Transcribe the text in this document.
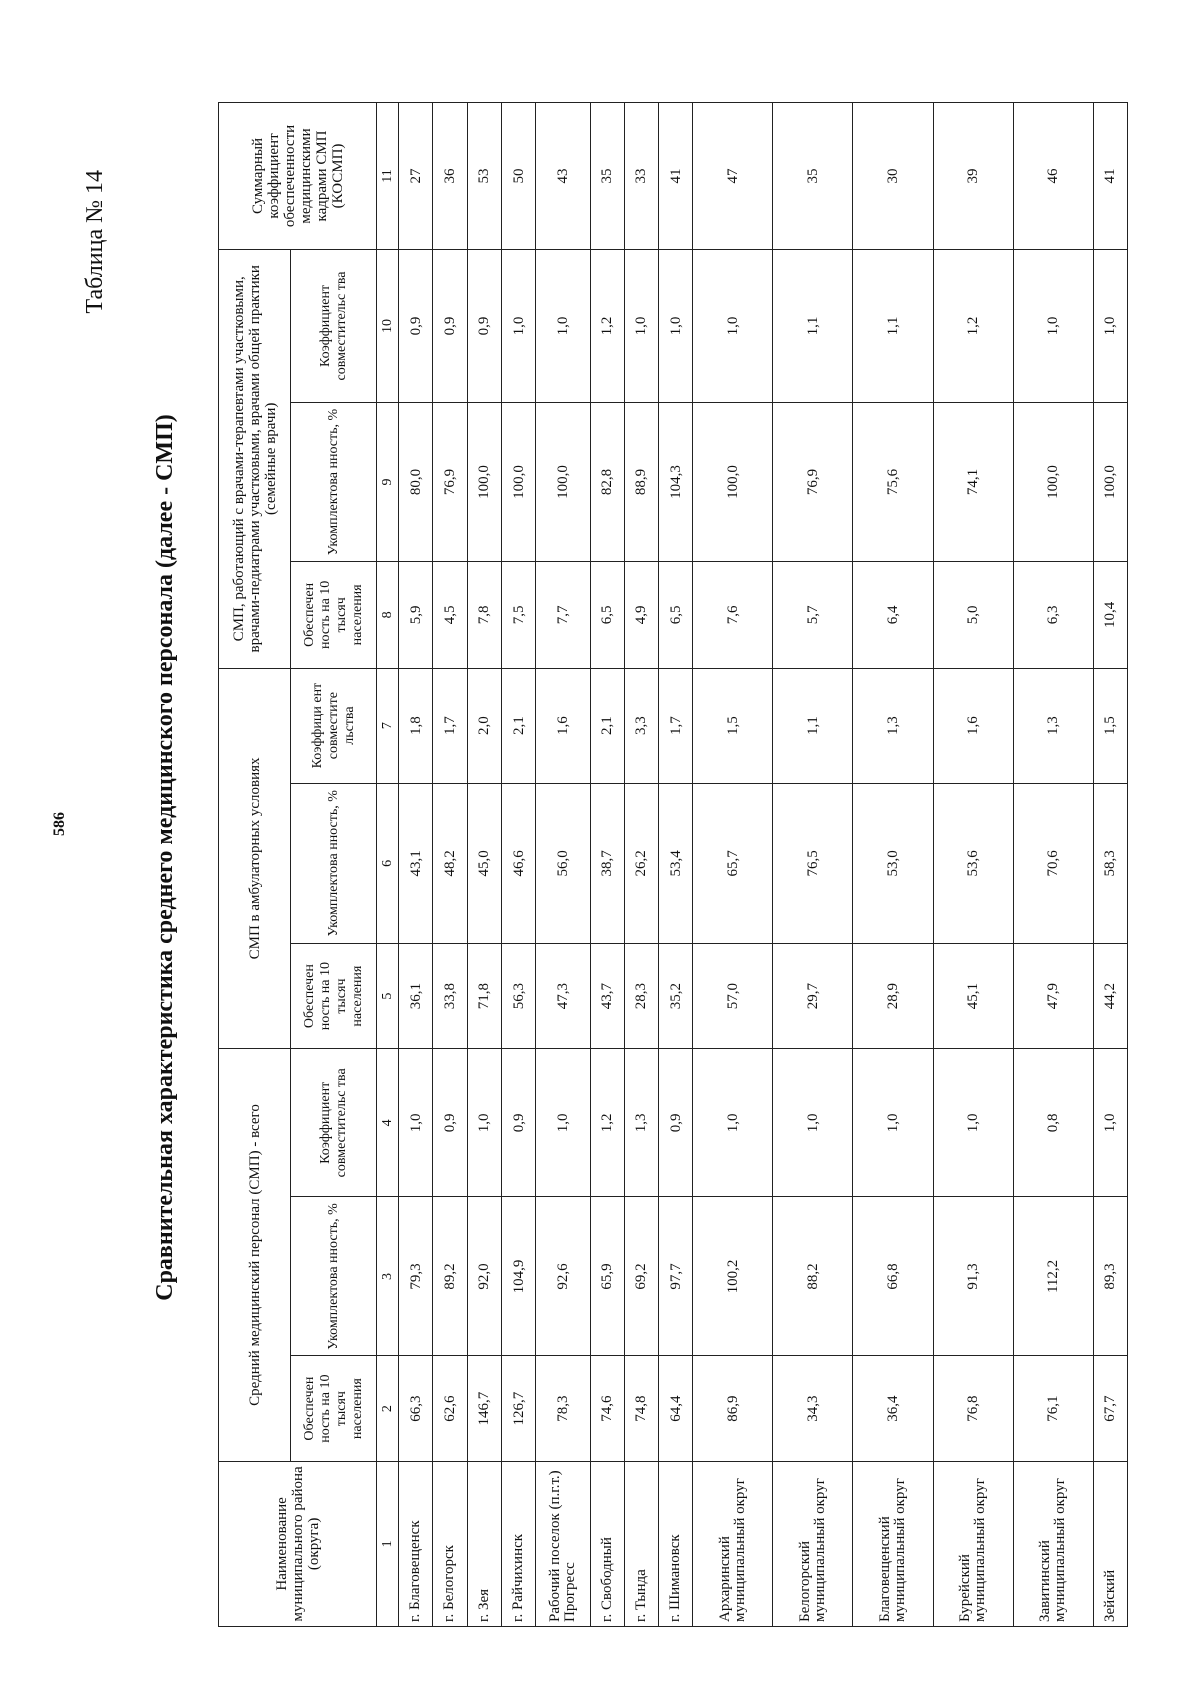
586
Таблица № 14
Сравнительная характеристика среднего медицинского персонала (далее - СМП)
Наименование муниципального района (округа)	Средний медицинский персонал (СМП) - всего			СМП в амбулаторных условиях			СМП, работающий с врачами-терапевтами участковыми, врачами-педиатрами участковыми, врачами общей практики (семейные врачи)			Суммарный коэффициент обеспеченности медицинскими кадрами СМП (КОСМП)
	Обеспечен ность на 10 тысяч населения	Укомплектова нность, %	Коэффициент совместительс тва	Обеспечен ность на 10 тысяч населения	Укомплектова нность, %	Коэффици ент совместите льства	Обеспечен ность на 10 тысяч населения	Укомплектова нность, %	Коэффициент совместительс тва	
1	2	3	4	5	6	7	8	9	10	11
г. Благовещенск	66,3	79,3	1,0	36,1	43,1	1,8	5,9	80,0	0,9	27
г. Белогорск	62,6	89,2	0,9	33,8	48,2	1,7	4,5	76,9	0,9	36
г. Зея	146,7	92,0	1,0	71,8	45,0	2,0	7,8	100,0	0,9	53
г. Райчихинск	126,7	104,9	0,9	56,3	46,6	2,1	7,5	100,0	1,0	50
Рабочий поселок (п.г.т.) Прогресс	78,3	92,6	1,0	47,3	56,0	1,6	7,7	100,0	1,0	43
г. Свободный	74,6	65,9	1,2	43,7	38,7	2,1	6,5	82,8	1,2	35
г. Тында	74,8	69,2	1,3	28,3	26,2	3,3	4,9	88,9	1,0	33
г. Шимановск	64,4	97,7	0,9	35,2	53,4	1,7	6,5	104,3	1,0	41
Архаринский муниципальный округ	86,9	100,2	1,0	57,0	65,7	1,5	7,6	100,0	1,0	47
Белогорский муниципальный округ	34,3	88,2	1,0	29,7	76,5	1,1	5,7	76,9	1,1	35
Благовещенский муниципальный округ	36,4	66,8	1,0	28,9	53,0	1,3	6,4	75,6	1,1	30
Бурейский муниципальный округ	76,8	91,3	1,0	45,1	53,6	1,6	5,0	74,1	1,2	39
Завитинский муниципальный округ	76,1	112,2	0,8	47,9	70,6	1,3	6,3	100,0	1,0	46
Зейский	67,7	89,3	1,0	44,2	58,3	1,5	10,4	100,0	1,0	41
